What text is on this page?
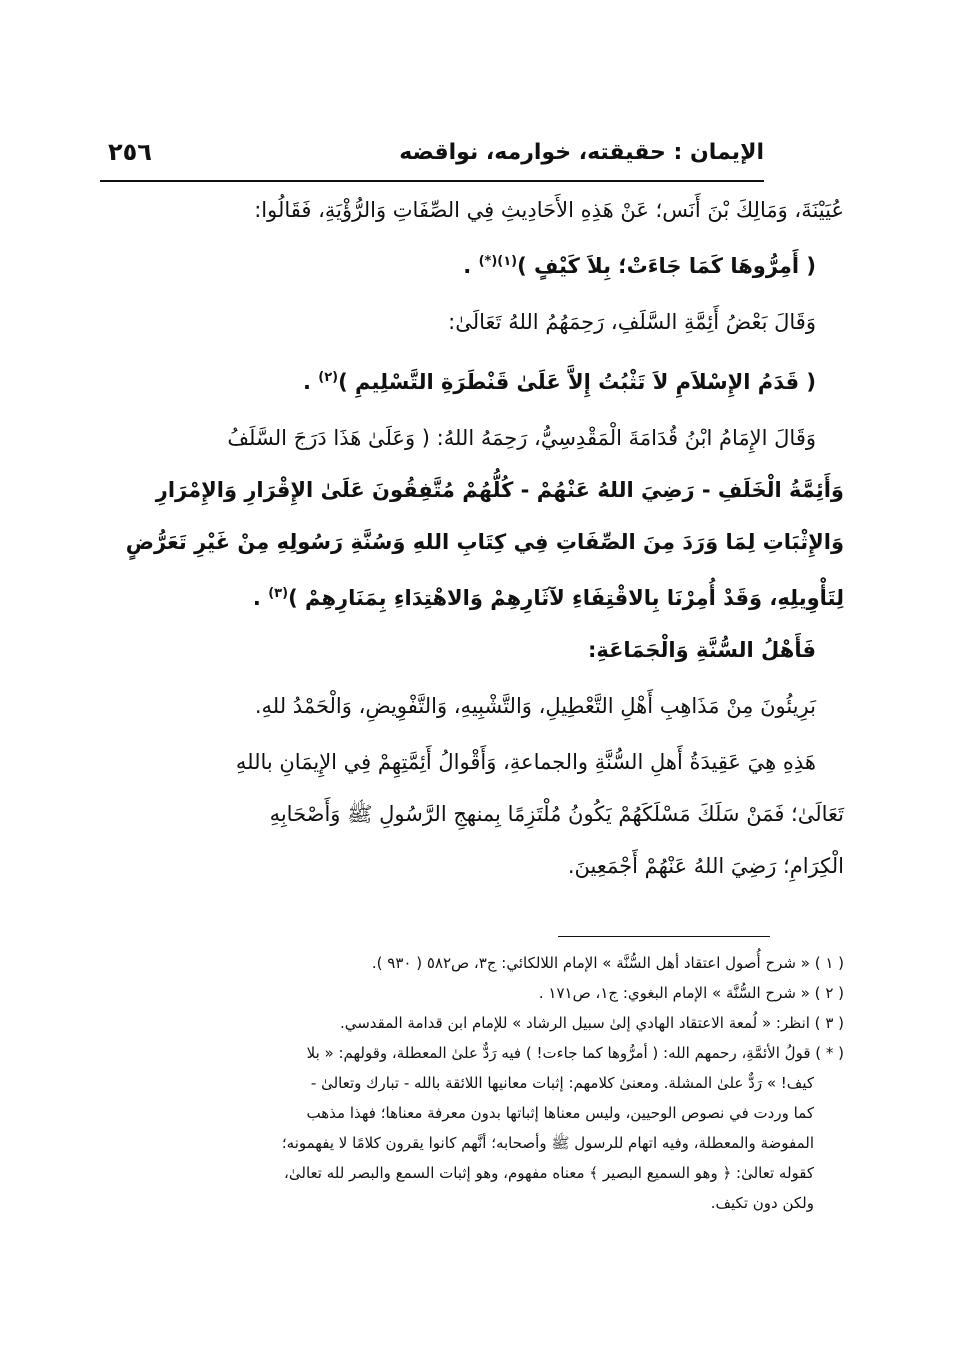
الإيمان : حقيقته، خوارمه، نواقضه
٢٥٦
عُيَيْنَةَ، وَمَالِكَ بْنَ أَنَس؛ عَنْ هَذِهِ الأَحَادِيثِ فِي الصِّفَاتِ وَالرُّؤْيَةِ، فَقَالُوا:
( أَمِرُّوهَا كَمَا جَاءَتْ؛ بِلاَ كَيْفٍ )$^{(١)(*)}$ .
وَقَالَ بَعْضُ أَئِمَّةِ السَّلَفِ، رَحِمَهُمُ اللهُ تَعَالَىٰ:
( قَدَمُ الإِسْلاَمِ لاَ تَثْبُتُ إِلاَّ عَلَىٰ قَنْطَرَةِ التَّسْلِيمِ )$^{(٢)}$ .
وَقَالَ الإِمَامُ ابْنُ قُدَامَةَ الْمَقْدِسِيُّ، رَحِمَهُ اللهُ: ( وَعَلَىٰ هَذَا دَرَجَ السَّلَفُ
وَأَئِمَّةُ الْخَلَفِ - رَضِيَ اللهُ عَنْهُمْ - كُلُّهُمْ مُتَّفِقُونَ عَلَىٰ الإِقْرَارِ وَالإِمْرَارِ
وَالإِثْبَاتِ لِمَا وَرَدَ مِنَ الصِّفَاتِ فِي كِتَابِ اللهِ وَسُنَّةِ رَسُولِهِ مِنْ غَيْرِ تَعَرُّضٍ
لِتَأْوِيلِهِ، وَقَدْ أُمِرْنَا بِالاقْتِفَاءِ لآثَارِهِمْ وَالاهْتِدَاءِ بِمَنَارِهِمْ )$^{(٣)}$ .
فَأَهْلُ السُّنَّةِ وَالْجَمَاعَةِ:
بَرِيئُونَ مِنْ مَذَاهِبِ أَهْلِ التَّعْطِيلِ، وَالتَّشْبِيهِ، وَالتَّفْوِيضِ، وَالْحَمْدُ للهِ.
هَذِهِ هِيَ عَقِيدَةُ أَهلِ السُّنَّةِ والجماعةِ، وَأَقْوالُ أَئِمَّتِهِمْ فِي الإِيمَانِ باللهِ
تَعَالَىٰ؛ فَمَنْ سَلَكَ مَسْلَكَهُمْ يَكُونُ مُلْتَزِمًا بِمنهجِ الرَّسُولِ ﷺ وَأَصْحَابِهِ
الْكِرَامِ؛ رَضِيَ اللهُ عَنْهُمْ أَجْمَعِينَ.
( ١ ) « شرح أُصول اعتقاد أهل السُّنَّة » الإمام اللالكائي: ج٣، ص٥٨٢ ( ٩٣٠ ).
( ٢ ) « شرح السُّنَّة » الإمام البغوي: ج١، ص١٧١ .
( ٣ ) انظر: « لُمعة الاعتقاد الهادي إلىٰ سبيل الرشاد » للإمام ابن قدامة المقدسي.
( * ) قولُ الأئمَّةِ، رحمهم الله: ( أمرُّوها كما جاءت! ) فيه رَدٌّ علىٰ المعطلة، وقولهم: « بلا
كيف! » رَدٌّ علىٰ المشلة. ومعنىٰ كلامهم: إثبات معانيها اللائقة بالله - تبارك وتعالىٰ -
كما وردت في نصوص الوحيين، وليس معناها إثباتها بدون معرفة معناها؛ فهذا مذهب
المفوضة والمعطلة، وفيه اتهام للرسول ﷺ وأصحابه؛ أنَّهم كانوا يقرون كلامًا لا يفهمونه؛
كقوله تعالىٰ: ﴿ وهو السميع البصير ﴾ معناه مفهوم، وهو إثبات السمع والبصر لله تعالىٰ،
ولكن دون تكيف.
